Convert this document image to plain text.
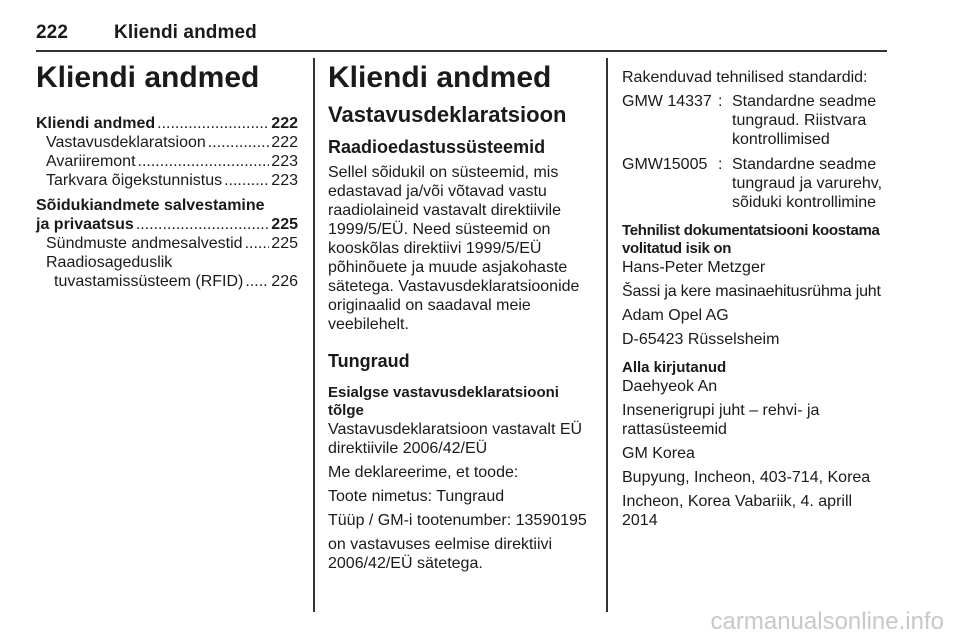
222 Kliendi andmed
Kliendi andmed
Kliendi andmed .....	222
Vastavusdeklaratsioon .....	222
Avariiremont .....	223
Tarkvara õigekstunnistus .....	223
Sõidukiandmete salvestamine
ja privaatsus .....	225
Sündmuste andmesalvestid ..... 225
Raadiosageduslik
tuvastamissüsteem (RFID) ..... 226
Kliendi andmed
Vastavusdeklaratsioon
Raadioedastussüsteemid

Sellel sõidukil on süsteemid, mis edastavad ja/või võtavad vastu raadiolaineid vastavalt direktiivile 1999/5/EÜ. Need süsteemid on kooskõlas direktiivi 1999/5/EÜ põhinõuete ja muude asjakohaste sätetega. Vastavusdeklaratsioonide originaalid on saadaval meie veebilehelt.

Tungraud

Esialgse vastavusdeklaratsiooni tõlge

Vastavusdeklaratsioon vastavalt EÜ direktiivile 2006/42/EÜ

Me deklareerime, et toode:

Toote nimetus: Tungraud

Tüüp / GM-i tootenumber: 13590195

on vastavuses eelmise direktiivi 2006/42/EÜ sätetega.

Rakenduvad tehnilised standardid:

GMW 14337 : Standardne seadme tungraud. Riistvara kontrollimised
GMW15005 : Standardne seadme tungraud ja varurehv, sõiduki kontrollimine

Tehnilist dokumentatsiooni koostama volitatud isik on

Hans-Peter Metzger

Šassi ja kere masinaehitusrühma juht

Adam Opel AG

D-65423 Rüsselsheim

Alla kirjutanud

Daehyeok An

Insenerigrupi juht – rehvi- ja rattasüsteemid

GM Korea

Bupyung, Incheon, 403-714, Korea

Incheon, Korea Vabariik, 4. aprill 2014

carmanualsonline.info
